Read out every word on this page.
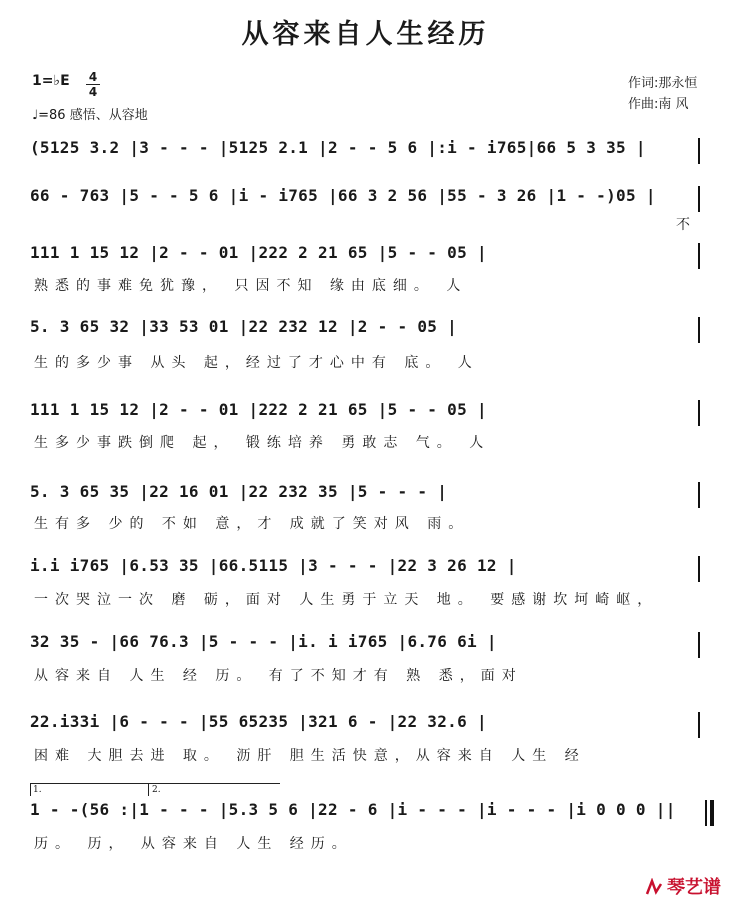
从容来自人生经历
1=♭E 4
4
♩=86 感悟、从容地
作词:那永恒
作曲:南 风
(5125 3.2 |3 - - - |5125 2.1 |2 - - 5 6 |:i - i765|66 5 3 35 |
66 - 763 |5 - - 5 6 |i - i765 |66 3 2 56 |55 - 3 26 |1 - -)05 |
不
111 1 15 12 |2 - - 01 |222 2 21 65 |5 - - 05 |
熟悉的事难免犹豫， 只因不知 缘由底细。 人
5. 3 65 32 |33 53 01 |22 232 12 |2 - - 05 |
生的多少事 从头 起，经过了才心中有 底。 人
111 1 15 12 |2 - - 01 |222 2 21 65 |5 - - 05 |
生多少事跌倒爬 起， 锻练培养 勇敢志 气。 人
5. 3 65 35 |22 16 01 |22 232 35 |5 - - - |
生有多 少的 不如 意，才 成就了笑对风 雨。
i.i i765 |6.53 35 |66.5115 |3 - - - |22 3 26 12 |
一次哭泣一次 磨 砺，面对 人生勇于立天 地。 要感谢坎坷崎岖，
32 35 - |66 76.3 |5 - - - |i. i i765 |6.76 6i |
从容来自 人生 经 历。 有了不知才有 熟 悉，面对
22.i33i |6 - - - |55 65235 |321 6 - |22 32.6 |
困难 大胆去进 取。 沥肝 胆生活快意，从容来自 人生 经
1.	2.
1 - -(56 :|1 - - - |5.3 5 6 |22 - 6 |i - - - |i - - - |i 0 0 0 ||
历。 历， 从容来自 人生 经历。
琴艺谱
